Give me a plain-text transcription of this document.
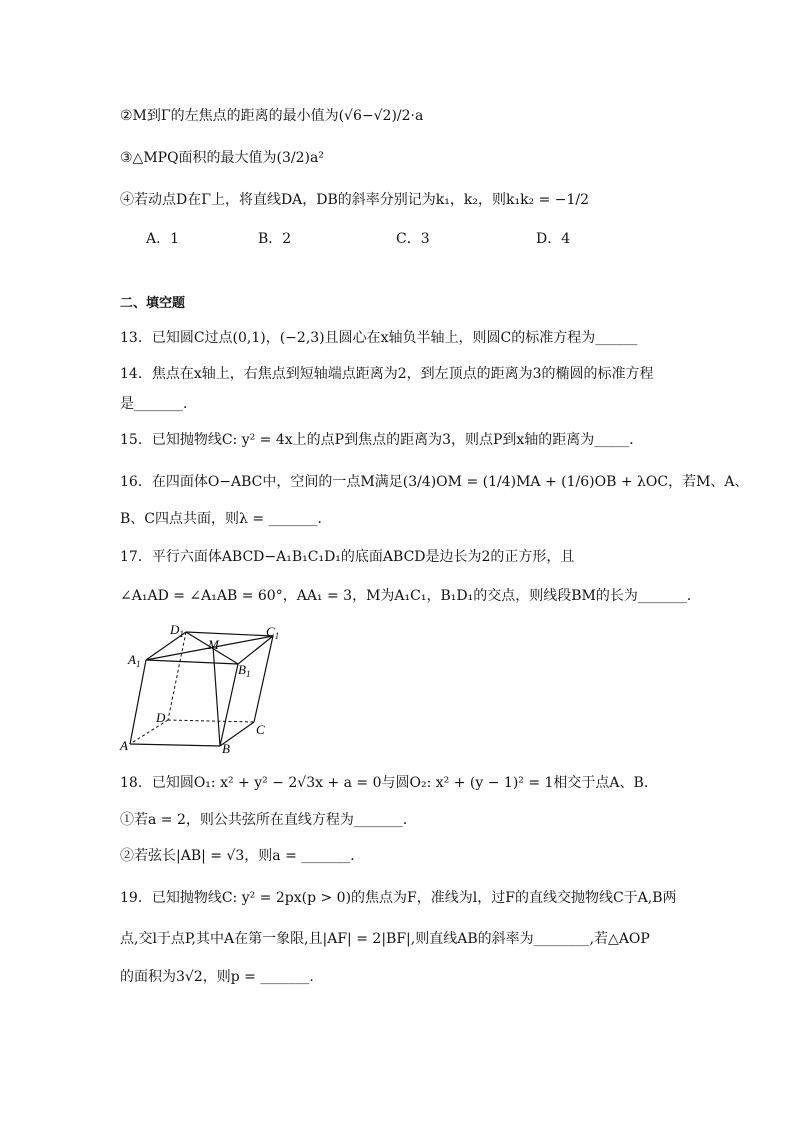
②M到Γ的左焦点的距离的最小值为(√6−√2)/2·a
③△MPQ面积的最大值为(3/2)a²
④若动点D在Γ上，将直线DA，DB的斜率分别记为k₁，k₂，则k₁k₂ = −1/2
A．1	B．2	C．3	D．4
二、填空题
13．已知圆C过点(0,1)，(−2,3)且圆心在x轴负半轴上，则圆C的标准方程为______
14．焦点在x轴上，右焦点到短轴端点距离为2，到左顶点的距离为3的椭圆的标准方程
是_______．
15．已知抛物线C: y² = 4x上的点P到焦点的距离为3，则点P到x轴的距离为_____．
16．在四面体O−ABC中，空间的一点M满足(3/4)OM = (1/4)MA + (1/6)OB + λOC，若M、A、
B、C四点共面，则λ = _______．
17．平行六面体ABCD−A₁B₁C₁D₁的底面ABCD是边长为2的正方形，且
∠A₁AD = ∠A₁AB = 60°，AA₁ = 3，M为A₁C₁，B₁D₁的交点，则线段BM的长为_______．
$D_1$	$C_1$
$A_1$	$B_1$
M
D
C
A	B
18．已知圆O₁: x² + y² − 2√3x + a = 0与圆O₂: x² + (y − 1)² = 1相交于点A、B．
①若a = 2，则公共弦所在直线方程为_______．
②若弦长|AB| = √3，则a = _______．
19．已知抛物线C: y² = 2px(p > 0)的焦点为F，准线为l，过F的直线交抛物线C于A,B两
点,交l于点P,其中A在第一象限,且|AF| = 2|BF|,则直线AB的斜率为________,若△AOP
的面积为3√2，则p = _______.
